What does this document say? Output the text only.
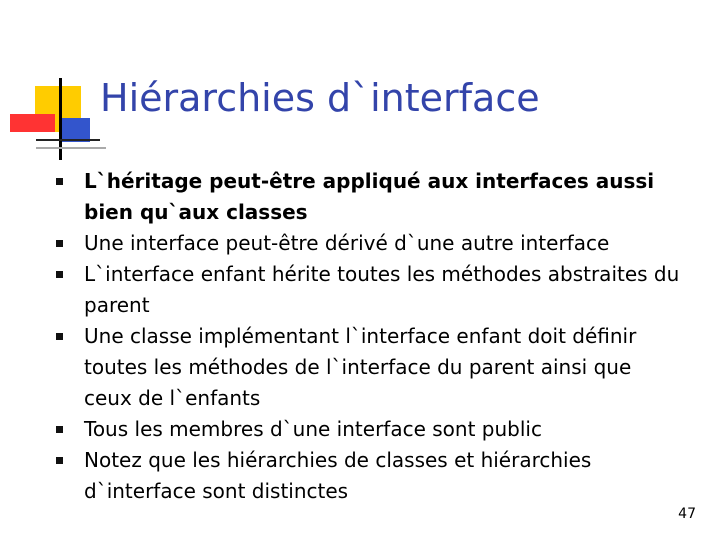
Hiérarchies d`interface
L`héritage peut-être appliqué aux interfaces aussi bien qu`aux classes
Une interface peut-être dérivé d`une autre interface
L`interface enfant hérite toutes les méthodes abstraites du parent
Une classe implémentant l`interface enfant doit définir toutes les méthodes de l`interface du parent ainsi que ceux de l`enfants
Tous les membres d`une interface sont public
Notez que les hiérarchies de classes et hiérarchies d`interface sont distinctes
47
